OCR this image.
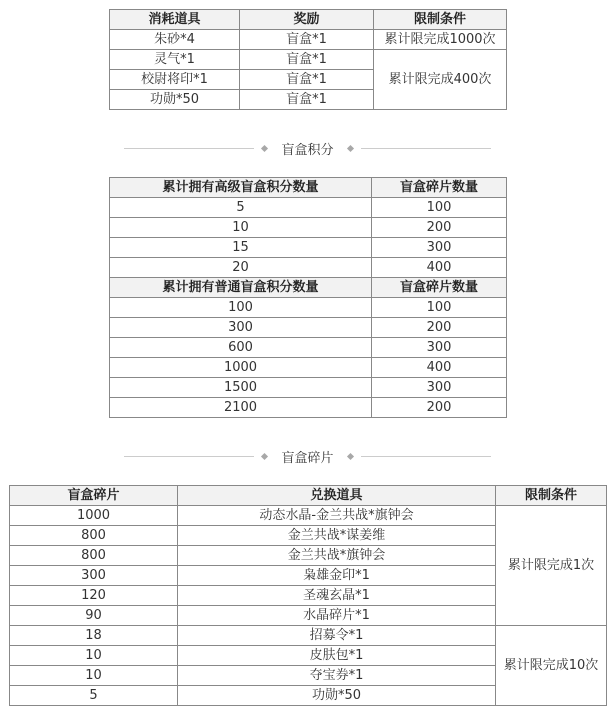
消耗道具	奖励	限制条件
朱砂*4	盲盒*1	累计限完成1000次
灵气*1	盲盒*1	累计限完成400次
校尉将印*1	盲盒*1	
功勋*50	盲盒*1	
盲盒积分
累计拥有高级盲盒积分数量	盲盒碎片数量
5	100
10	200
15	300
20	400
累计拥有普通盲盒积分数量	盲盒碎片数量
100	100
300	200
600	300
1000	400
1500	300
2100	200
盲盒碎片
盲盒碎片	兑换道具	限制条件
1000	动态水晶-金兰共战*旗钟会	累计限完成1次
800	金兰共战*谋姜维	
800	金兰共战*旗钟会	
300	枭雄金印*1	
120	圣魂玄晶*1	
90	水晶碎片*1	
18	招募令*1	累计限完成10次
10	皮肤包*1	
10	夺宝券*1	
5	功勋*50	
